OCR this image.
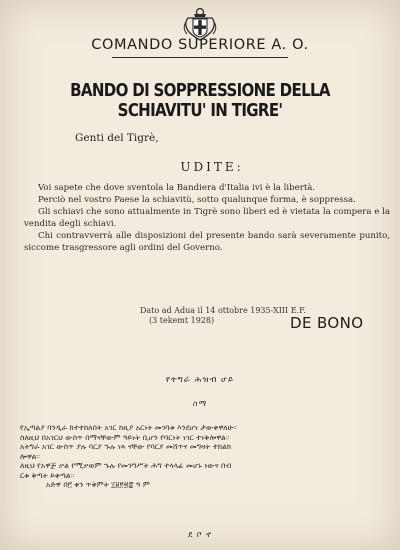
COMANDO SUPERIORE A. O.
BANDO DI SOPPRESSIONE DELLA SCHIAVITU' IN TIGRE'
Genti del Tigrè,
UDITE:

Voi sapete che dove sventola la Bandiera d'Italia ivi è la libertà.

Perciò nel vostro Paese la schiavitù, sotto qualunque forma, è soppressa.

Gli schiavi che sono attualmente in Tigrè sono liberi ed è vietata la compera e la vendita degli schiavi.

Chi contravverrà alle disposizioni del presente bando sarà severamente punito, siccome trasgressore agli ordini del Governo.

Dato ad Adua il 14 ottobre 1935-XIII E.F.
(3 tekemt 1928)	DE BONO
የትግራ ሕዝብ ሆይ
ስማ
የኢጣልያ ባንዲራ ከተተከለበት አገር ከዚያ አርነት መገባቱ እንደሆነ ታውቀዋለሁ።
ስለዚህ በአገርህ ውስጥ በማናቸውም ዓይነት ቢሆን የባርነት ነገር ተነቅሎዋል።
አትግራ አገር ውስጥ ያሉ ባርያ ኁሉ ነጻ ናቸው የባርያ መሸጥና መግዛት ተከልክ
ሎዋል።
ለዚህ የአዋጅ ቃል የሚቃወም ኁሉ የመንግሥት ሕግ ተላላፊ መሆኑ ነውና በብ
ርቱ ቅጣት ይቀጣል።
አድዋ በ፫ ቀን ጥቅምት ፲፱፻፳፰ ዓ ም
ደ ቦ ኖ
